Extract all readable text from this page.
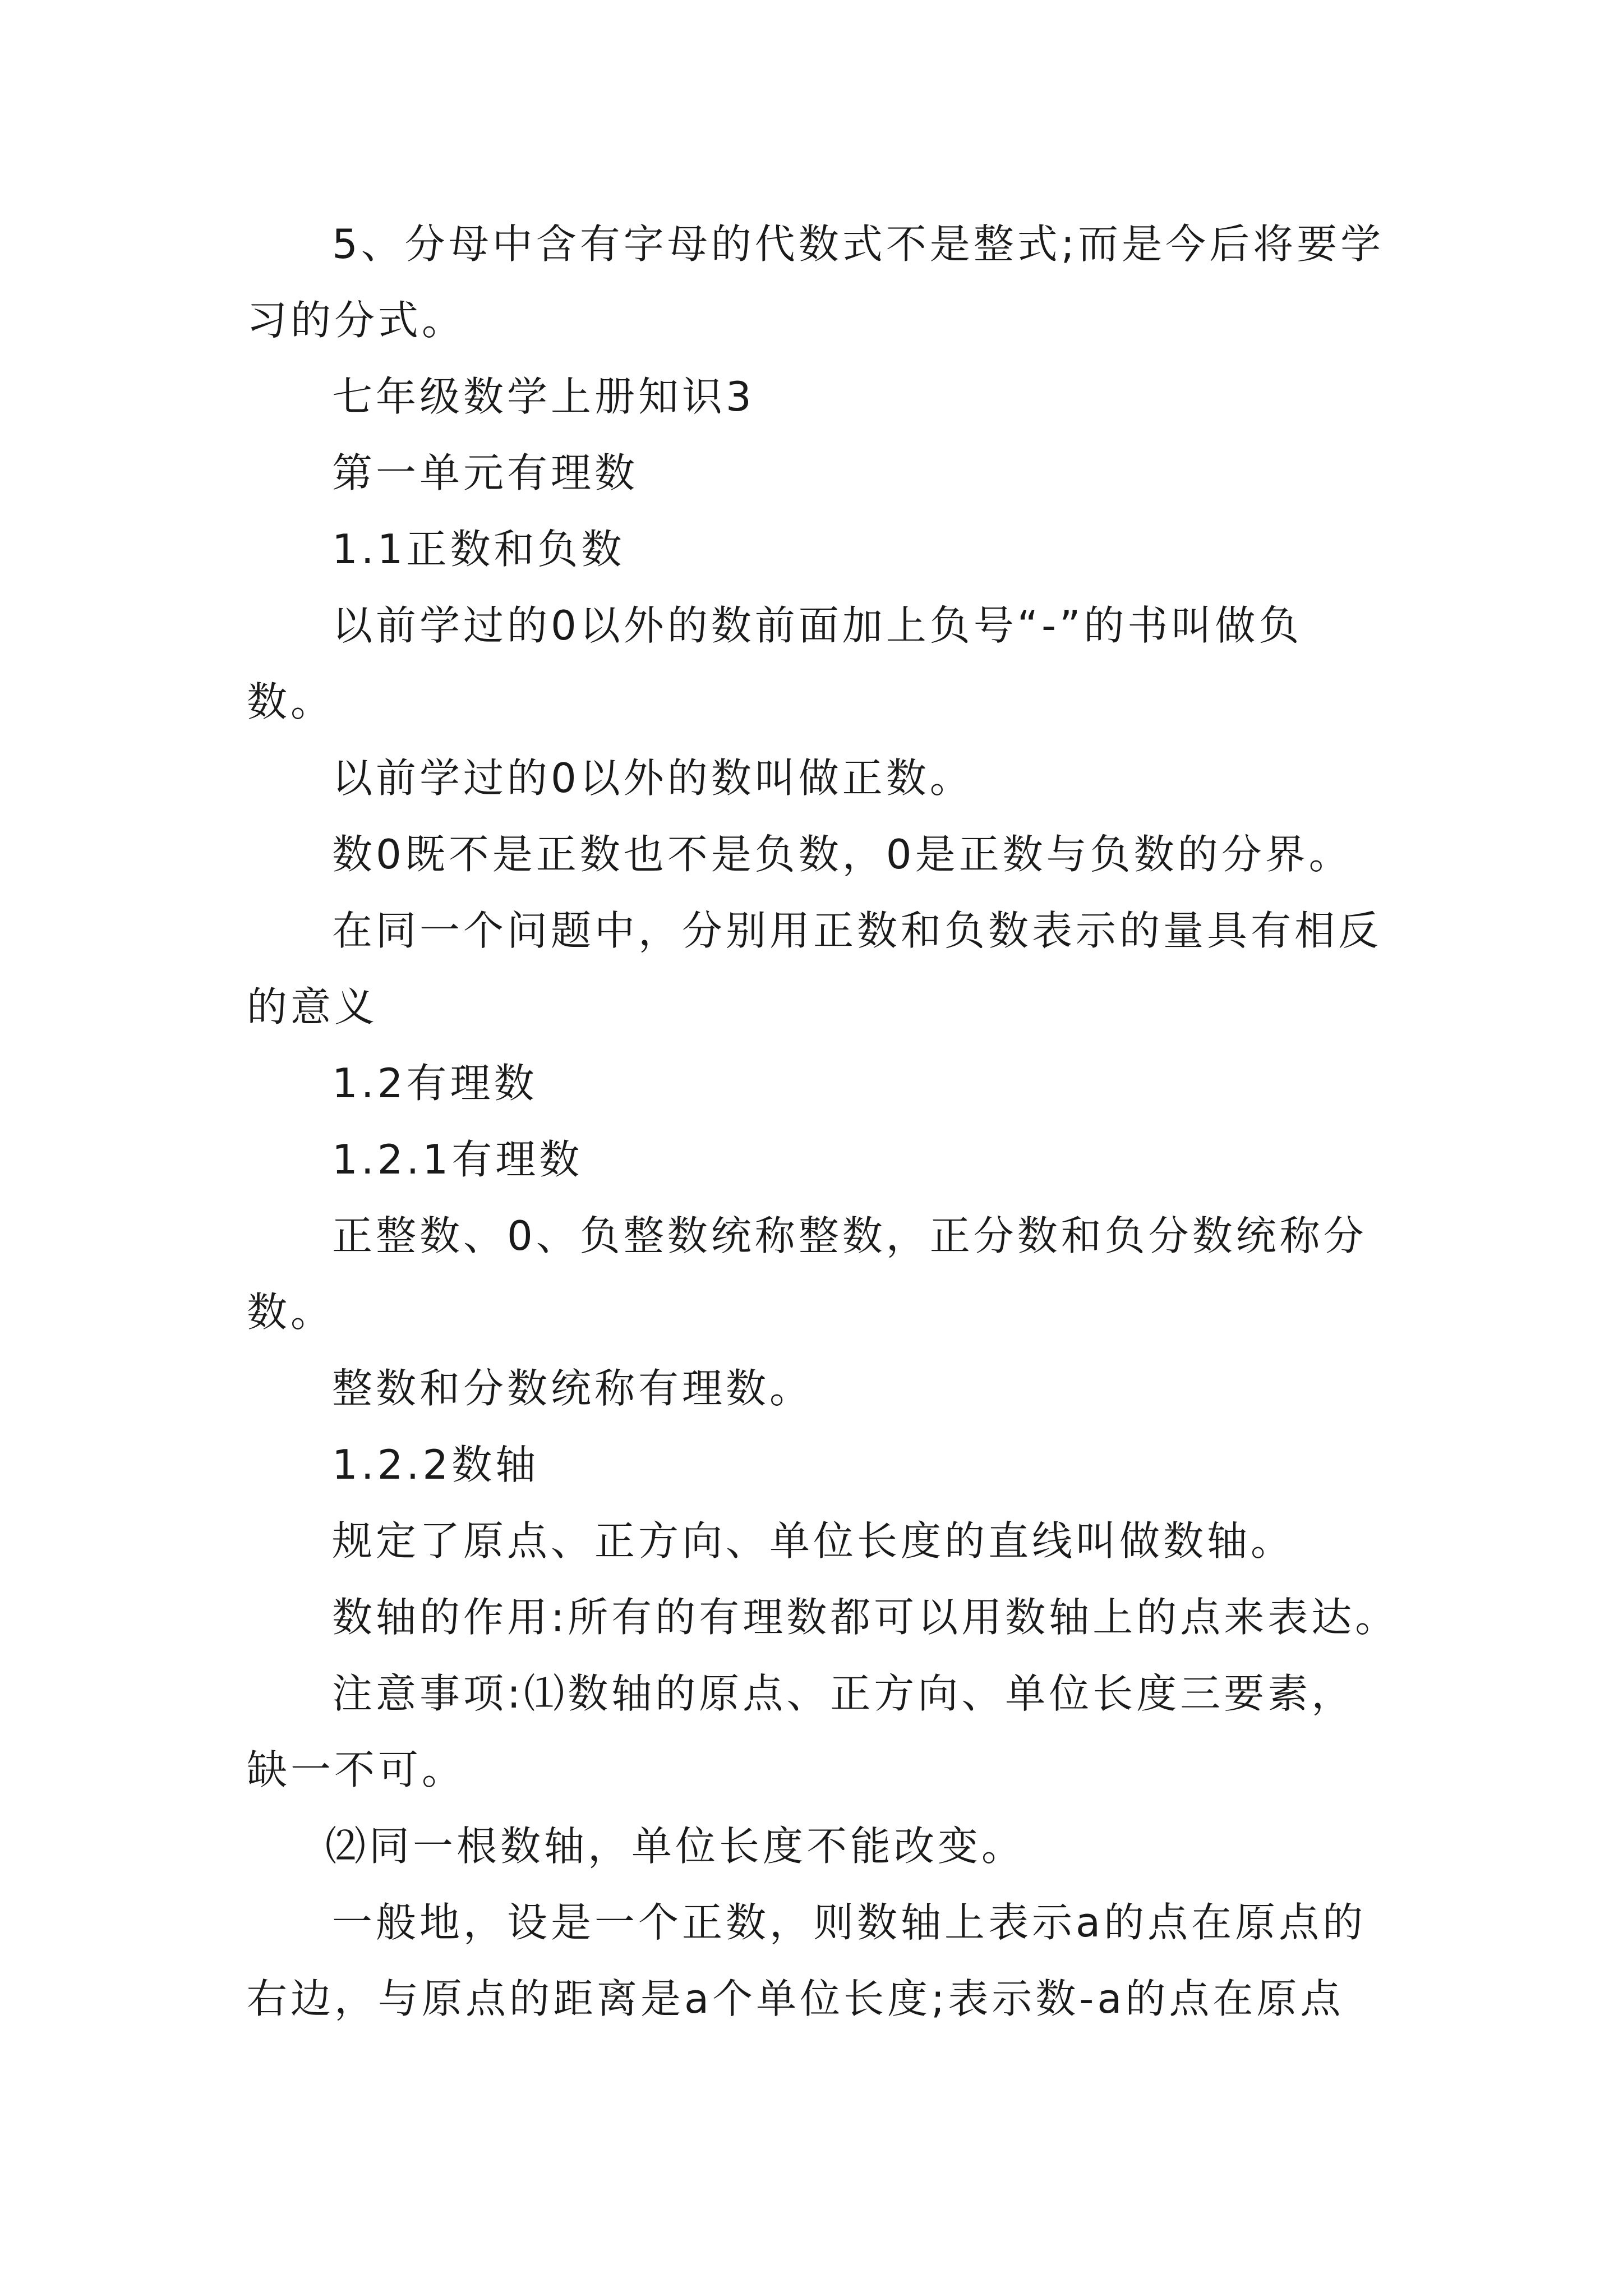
5、分母中含有字母的代数式不是整式;而是今后将要学
习的分式。
七年级数学上册知识3
第一单元有理数
1.1正数和负数
以前学过的0以外的数前面加上负号“-”的书叫做负
数。
以前学过的0以外的数叫做正数。
数0既不是正数也不是负数，0是正数与负数的分界。
在同一个问题中，分别用正数和负数表示的量具有相反
的意义
1.2有理数
1.2.1有理数
正整数、0、负整数统称整数，正分数和负分数统称分
数。
整数和分数统称有理数。
1.2.2数轴
规定了原点、正方向、单位长度的直线叫做数轴。
数轴的作用:所有的有理数都可以用数轴上的点来表达。
注意事项:⑴数轴的原点、正方向、单位长度三要素，
缺一不可。
⑵同一根数轴，单位长度不能改变。
一般地，设是一个正数，则数轴上表示a的点在原点的
右边，与原点的距离是a个单位长度;表示数-a的点在原点
